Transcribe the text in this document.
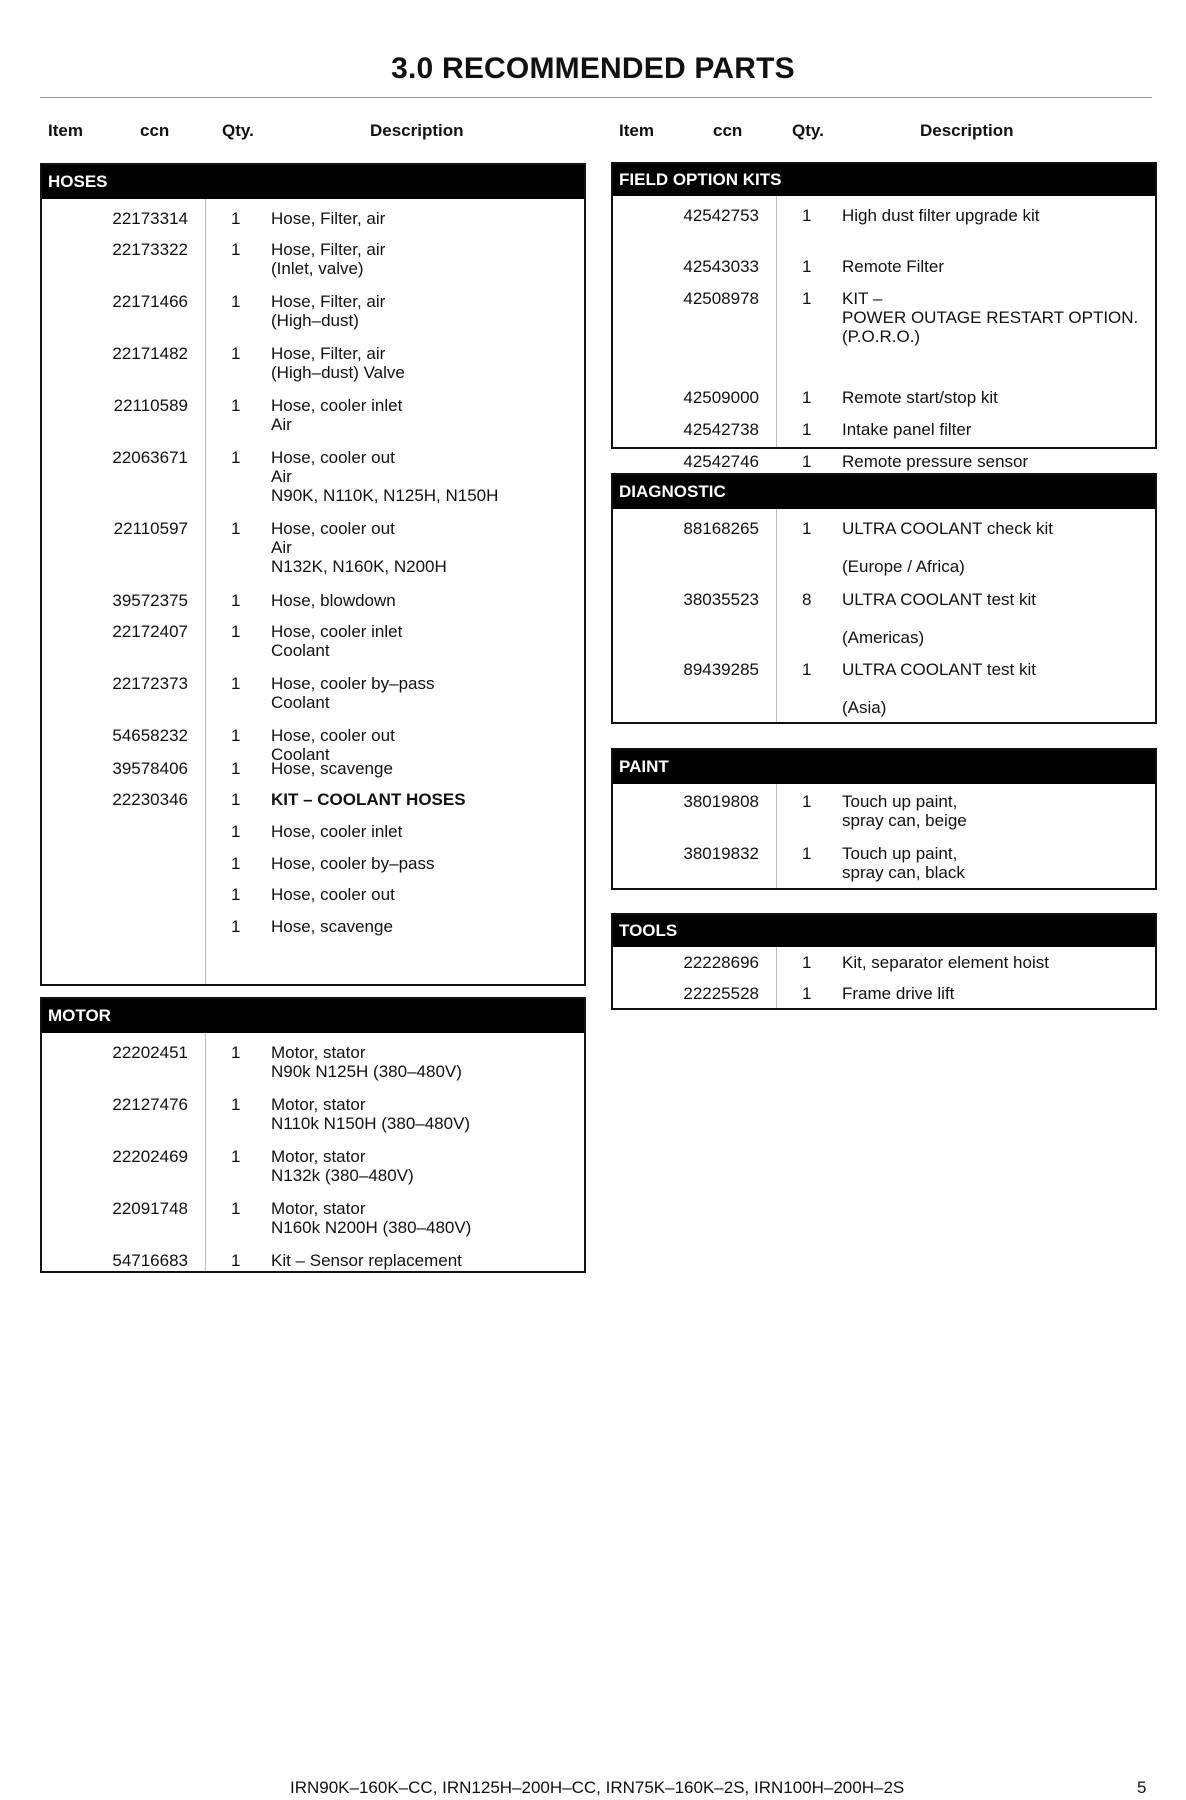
3.0 RECOMMENDED PARTS
Item	ccn	Qty.	Description	Item	ccn	Qty.	Description
HOSES
22173314	1 Hose, Filter, air
22173322	1 Hose, Filter, air
(Inlet, valve)
22171466	1 Hose, Filter, air
(High–dust)
22171482	1 Hose, Filter, air
(High–dust) Valve
22110589	1 Hose, cooler inlet
Air
22063671	1 Hose, cooler out
Air
N90K, N110K, N125H, N150H
22110597	1 Hose, cooler out
Air
N132K, N160K, N200H
39572375	1 Hose, blowdown
22172407	1 Hose, cooler inlet
Coolant
22172373	1 Hose, cooler by–pass
Coolant
54658232	1 Hose, cooler out
Coolant
39578406	1 Hose, scavenge
22230346	1 KIT – COOLANT HOSES
1 Hose, cooler inlet
1 Hose, cooler by–pass
1 Hose, cooler out
1 Hose, scavenge
MOTOR
22202451	1 Motor, stator
N90k N125H (380–480V)
22127476	1 Motor, stator
N110k N150H (380–480V)
22202469	1 Motor, stator
N132k (380–480V)
22091748	1 Motor, stator
N160k N200H (380–480V)
54716683	1 Kit – Sensor replacement
FIELD OPTION KITS
42542753	1 High dust filter upgrade kit
42543033	1 Remote Filter
42508978	1 KIT –
POWER OUTAGE RESTART OPTION.
(P.O.R.O.)
42509000	1 Remote start/stop kit
42542738	1 Intake panel filter
42542746	1 Remote pressure sensor
DIAGNOSTIC
88168265	1 ULTRA COOLANT check kit
(Europe / Africa)
38035523	8 ULTRA COOLANT test kit
(Americas)
89439285	1 ULTRA COOLANT test kit
(Asia)
PAINT
38019808	1 Touch up paint,
spray can, beige
38019832	1 Touch up paint,
spray can, black
TOOLS
22228696	1 Kit, separator element hoist
22225528	1 Frame drive lift
IRN90K–160K–CC, IRN125H–200H–CC, IRN75K–160K–2S, IRN100H–200H–2S	5
